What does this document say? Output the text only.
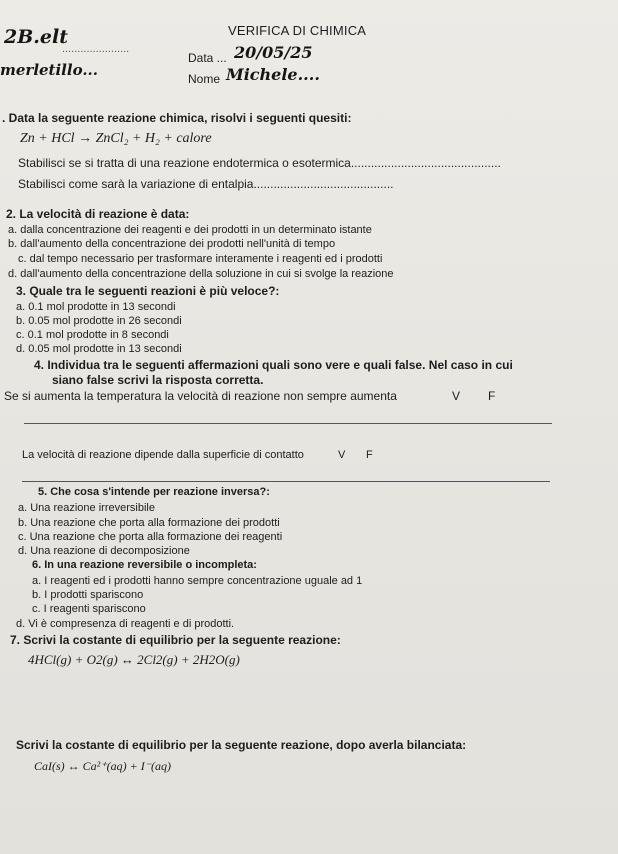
2B.elt
......................
VERIFICA DI CHIMICA
Data ... 20/05/25
merletillo...	Nome Michele....
. Data la seguente reazione chimica, risolvi i seguenti quesiti:
Zn + HCl → ZnCl₂ + H₂ + calore
Stabilisci se si tratta di una reazione endotermica o esotermica.............................................
Stabilisci come sarà la variazione di entalpia..........................................
2. La velocità di reazione è data:
a. dalla concentrazione dei reagenti e dei prodotti in un determinato istante
b. dall'aumento della concentrazione dei prodotti nell'unità di tempo
c. dal tempo necessario per trasformare interamente i reagenti ed i prodotti
d. dall'aumento della concentrazione della soluzione in cui si svolge la reazione
3. Quale tra le seguenti reazioni è più veloce?:
a. 0.1 mol prodotte in 13 secondi
b. 0.05 mol prodotte in 26 secondi
c. 0.1 mol prodotte in 8 secondi
d. 0.05 mol prodotte in 13 secondi
4. Individua tra le seguenti affermazioni quali sono vere e quali false. Nel caso in cui
siano false scrivi la risposta corretta.
Se si aumenta la temperatura la velocità di reazione non sempre aumenta	V F
La velocità di reazione dipende dalla superficie di contatto	V F
5. Che cosa s'intende per reazione inversa?:
a. Una reazione irreversibile
b. Una reazione che porta alla formazione dei prodotti
c. Una reazione che porta alla formazione dei reagenti
d. Una reazione di decomposizione
6. In una reazione reversibile o incompleta:
a. I reagenti ed i prodotti hanno sempre concentrazione uguale ad 1
b. I prodotti spariscono
c. I reagenti spariscono
d. Vi è compresenza di reagenti e di prodotti.
7. Scrivi la costante di equilibrio per la seguente reazione:
4HCl(g) + O2(g) ↔ 2Cl2(g) + 2H2O(g)
Scrivi la costante di equilibrio per la seguente reazione, dopo averla bilanciata:
CaI(s) ↔ Ca²⁺(aq) + I⁻(aq)
